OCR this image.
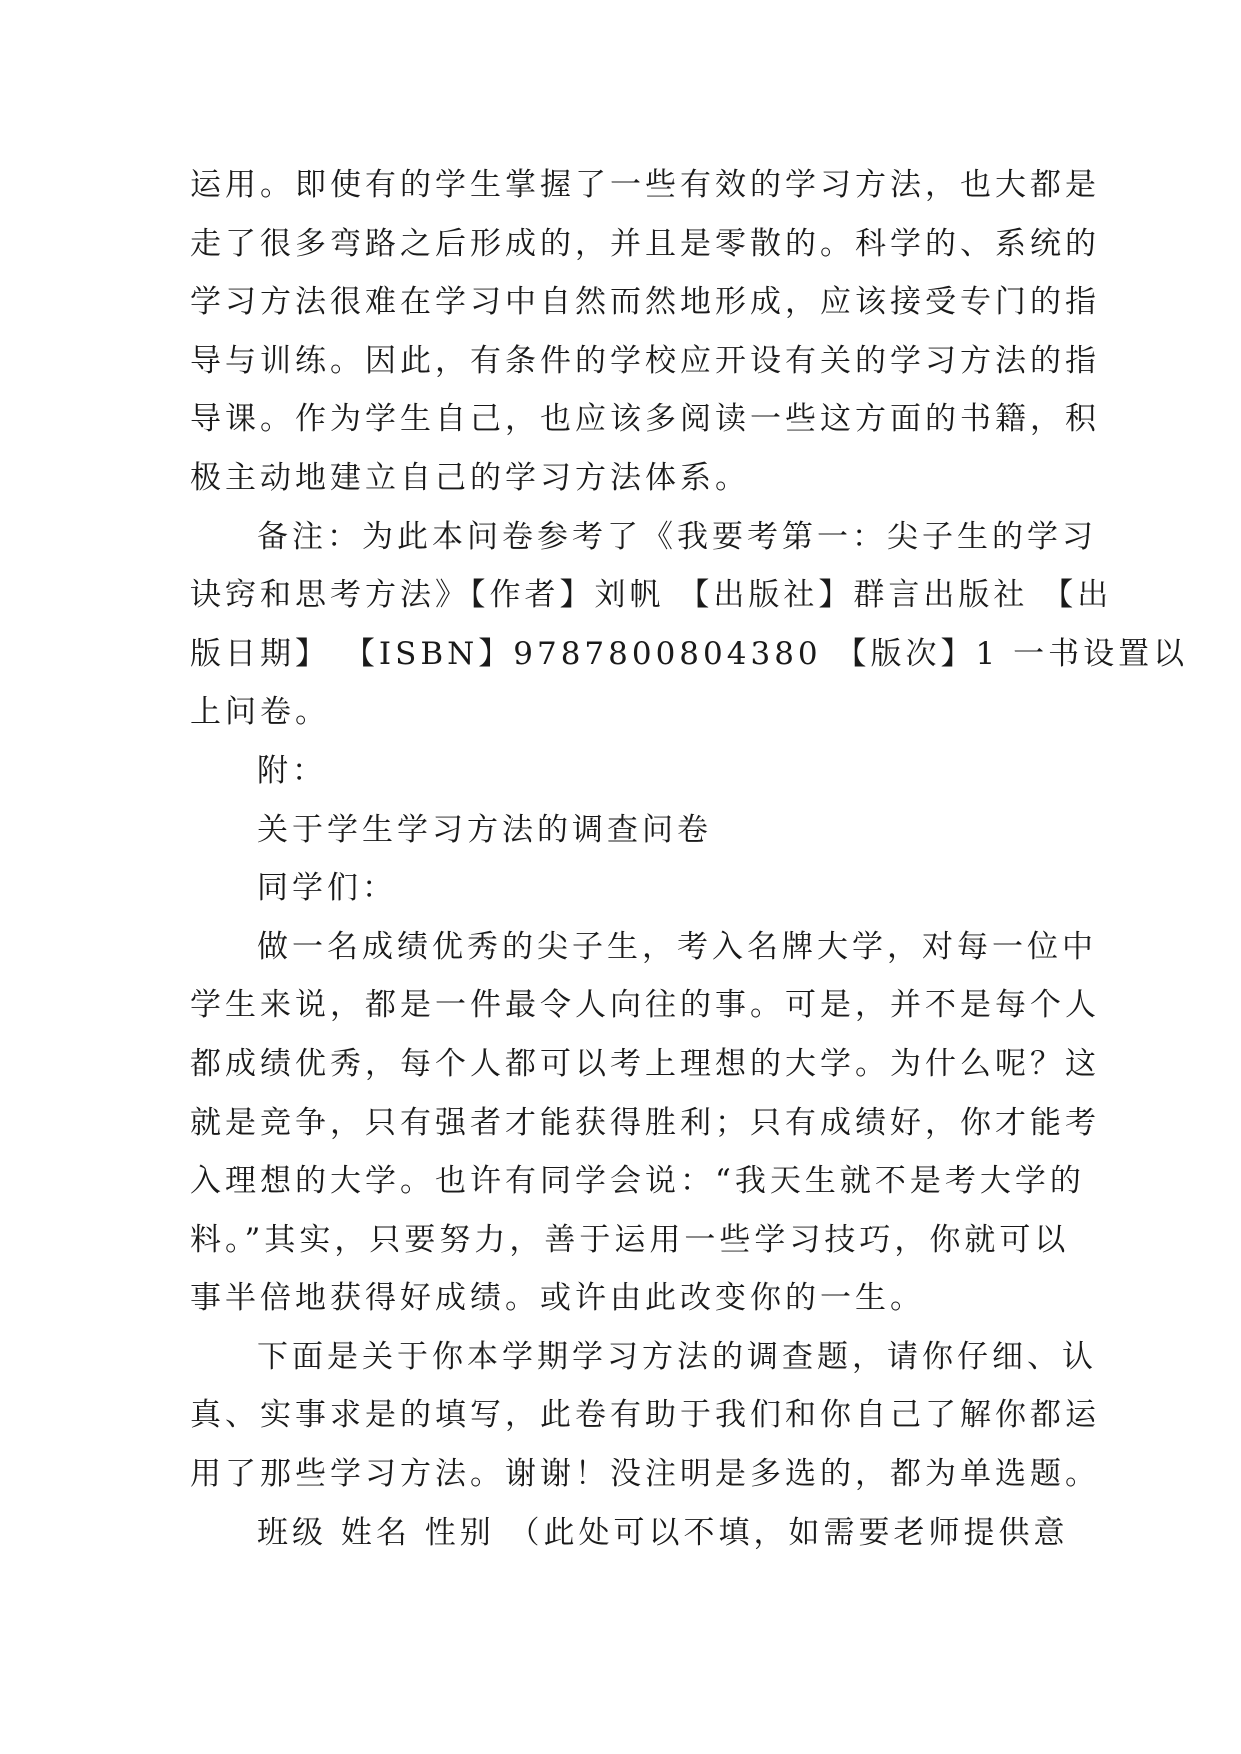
运用。即使有的学生掌握了一些有效的学习方法，也大都是
走了很多弯路之后形成的，并且是零散的。科学的、系统的
学习方法很难在学习中自然而然地形成，应该接受专门的指
导与训练。因此，有条件的学校应开设有关的学习方法的指
导课。作为学生自己，也应该多阅读一些这方面的书籍，积
极主动地建立自己的学习方法体系。
备注：为此本问卷参考了《我要考第一：尖子生的学习
诀窍和思考方法》【作者】刘帆 【出版社】群言出版社 【出
版日期】 【ISBN】9787800804380 【版次】1 一书设置以
上问卷。
附：
关于学生学习方法的调查问卷
同学们：
做一名成绩优秀的尖子生，考入名牌大学，对每一位中
学生来说，都是一件最令人向往的事。可是，并不是每个人
都成绩优秀，每个人都可以考上理想的大学。为什么呢？这
就是竞争，只有强者才能获得胜利；只有成绩好，你才能考
入理想的大学。也许有同学会说：“我天生就不是考大学的
料。”其实，只要努力，善于运用一些学习技巧，你就可以
事半倍地获得好成绩。或许由此改变你的一生。
下面是关于你本学期学习方法的调查题，请你仔细、认
真、实事求是的填写，此卷有助于我们和你自己了解你都运
用了那些学习方法。谢谢！没注明是多选的，都为单选题。
班级 姓名 性别 （此处可以不填，如需要老师提供意
